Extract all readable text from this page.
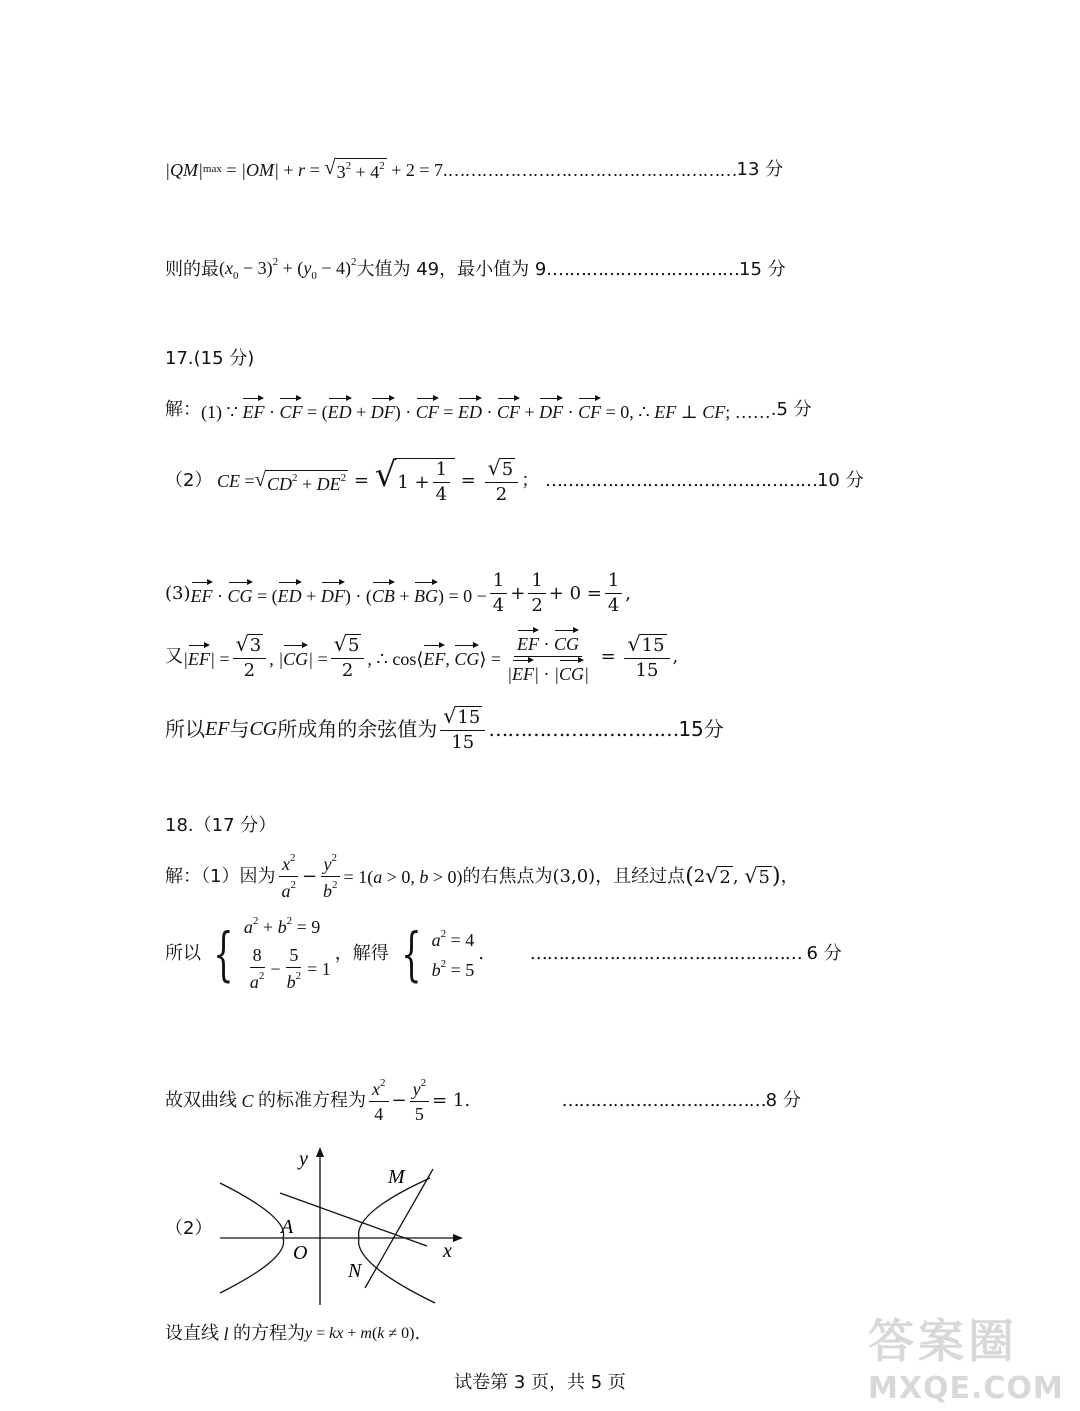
|QM| max = |OM| + r = √ $3^2 + 4^2 + 2 = 7$. …………………………………………… 13 分
则的最 $(x_0 - 3)^2 + (y_0 - 4)^2$ 大值为 49，最小值为 9. …………………………… 15 分
17.(15 分)
解： (1) ∵ EF · CF = (ED + DF) · CF = ED · CF + DF · CF = 0, ∴ EF ⊥ CF; …… .5 分
（2） CE = √ $CD^2 + DE^2$ = √ $1 + \frac{1}{4} = \frac{√ 5}{2}$ ； ………………………………………… 10 分
(3) EF · CG = $(ED + DF) \cdot (CB + BG) = 0 - \frac{1}{4} + \frac{1}{2} + 0 = \frac{1}{4}$ ,
又 $|EF| = \frac{√ 3}{2}$ , $|CG| = \frac{√ 5}{2}$ , ∴ cos⟨EF, CG⟩ = $\frac{EF \cdot CG}{|EF| \cdot |CG|} = \frac{√ 15}{15}$ ,
所以 EF 与 CG 所成角的余弦值为 $\frac{√ 15}{15}$ ………………………… 15分
18.（17 分）
解：（1）因为 $\frac{x^2}{a^2} - \frac{y^2}{b^2} = 1(a > 0$, b > 0) 的右焦点为 (3,0) ，且经过点 ( 2 √ 2 , √ 5 ) ，
所以 { $a^2 + b^2 = 9$
$\frac{8}{a^2} - \frac{5}{b^2} = 1$
，解得 { $a^2 = 4$
$b^2 = 5$
. ………………………………………… 6 分
故双曲线 C 的标准方程为 $\frac{x^2}{4} - \frac{y^2}{5} = 1$. ……………………………… 8 分
（2）
y
x
O
A
M
N
设直线 l 的方程为 y = kx + m(k ≠ 0) .
试卷第 3 页，共 5 页
答案圈
MXQE.COM
